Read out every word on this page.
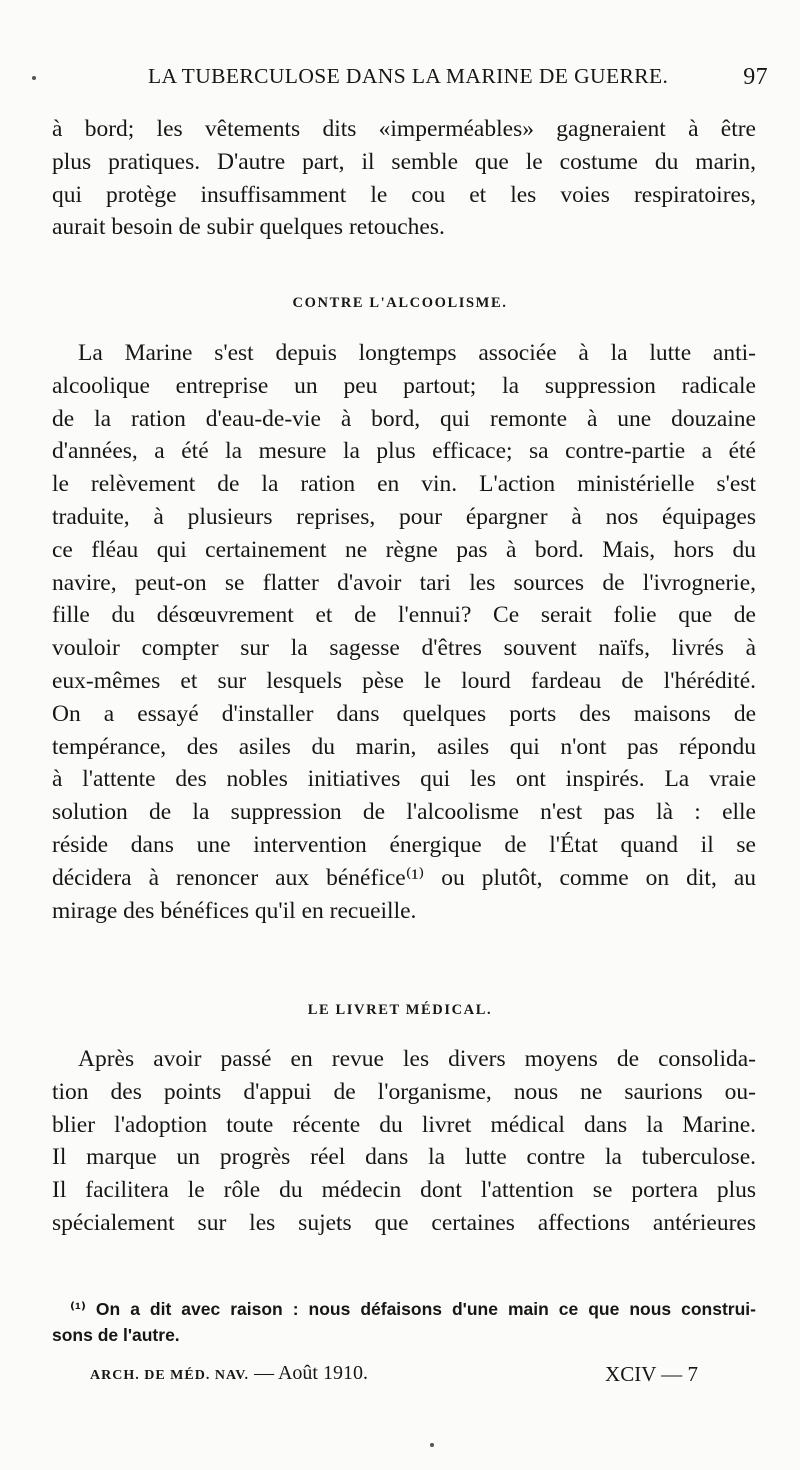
LA TUBERCULOSE DANS LA MARINE DE GUERRE.	97
à bord; les vêtements dits «imperméables» gagneraient à être
plus pratiques. D'autre part, il semble que le costume du marin,
qui protège insuffisamment le cou et les voies respiratoires,
aurait besoin de subir quelques retouches.
CONTRE L'ALCOOLISME.
La Marine s'est depuis longtemps associée à la lutte anti-
alcoolique entreprise un peu partout; la suppression radicale
de la ration d'eau-de-vie à bord, qui remonte à une douzaine
d'années, a été la mesure la plus efficace; sa contre-partie a été
le relèvement de la ration en vin. L'action ministérielle s'est
traduite, à plusieurs reprises, pour épargner à nos équipages
ce fléau qui certainement ne règne pas à bord. Mais, hors du
navire, peut-on se flatter d'avoir tari les sources de l'ivrognerie,
fille du désœuvrement et de l'ennui? Ce serait folie que de
vouloir compter sur la sagesse d'êtres souvent naïfs, livrés à
eux-mêmes et sur lesquels pèse le lourd fardeau de l'hérédité.
On a essayé d'installer dans quelques ports des maisons de
tempérance, des asiles du marin, asiles qui n'ont pas répondu
à l'attente des nobles initiatives qui les ont inspirés. La vraie
solution de la suppression de l'alcoolisme n'est pas là : elle
réside dans une intervention énergique de l'État quand il se
décidera à renoncer aux bénéfice⁽¹⁾ ou plutôt, comme on dit, au
mirage des bénéfices qu'il en recueille.
LE LIVRET MÉDICAL.
Après avoir passé en revue les divers moyens de consolida-
tion des points d'appui de l'organisme, nous ne saurions ou-
blier l'adoption toute récente du livret médical dans la Marine.
Il marque un progrès réel dans la lutte contre la tuberculose.
Il facilitera le rôle du médecin dont l'attention se portera plus
spécialement sur les sujets que certaines affections antérieures
⁽¹⁾ On a dit avec raison : nous défaisons d'une main ce que nous construi-
sons de l'autre.
ARCH. DE MÉD. NAV. — Août 1910.	XCIV — 7
